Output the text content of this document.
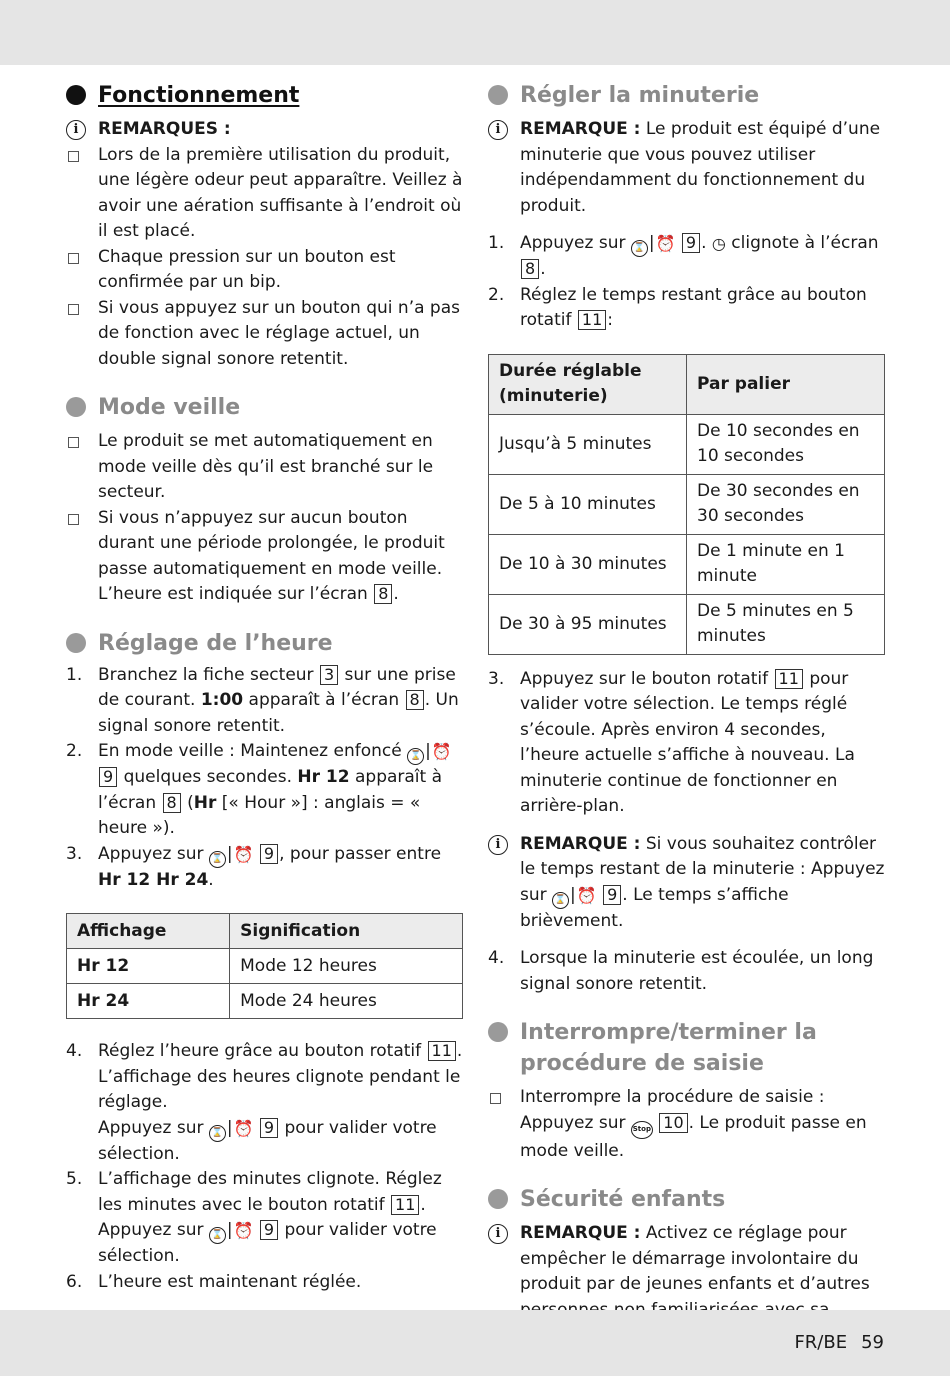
Fonctionnement
i	REMARQUES :
Lors de la première utilisation du produit, une légère odeur peut apparaître. Veillez à avoir une aération suffisante à l’endroit où il est placé.
Chaque pression sur un bouton est confirmée par un bip.
Si vous appuyez sur un bouton qui n’a pas de fonction avec le réglage actuel, un double signal sonore retentit.
Mode veille
Le produit se met automatiquement en mode veille dès qu’il est branché sur le secteur.
Si vous n’appuyez sur aucun bouton durant une période prolongée, le produit passe automatiquement en mode veille. L’heure est indiquée sur l’écran 8 .
Réglage de l’heure
1. Branchez la fiche secteur 3 sur une prise de courant. 1:00 apparaît à l’écran 8 . Un signal sonore retentit.
2. En mode veille : Maintenez enfoncé ⌛ |⏰ 9 quelques secondes. Hr 12 apparaît à l’écran 8 (Hr [« Hour »] : anglais = « heure »).
3. Appuyez sur ⌛ |⏰ 9 , pour passer entre Hr 12 Hr 24.
Affichage	Signification
Hr 12	Mode 12 heures
Hr 24	Mode 24 heures
4. Réglez l’heure grâce au bouton rotatif 11 . L’affichage des heures clignote pendant le réglage.
Appuyez sur ⌛ |⏰ 9 pour valider votre sélection.
5. L’affichage des minutes clignote. Réglez les minutes avec le bouton rotatif 11 .
Appuyez sur ⌛ |⏰ 9 pour valider votre sélection.
6. L’heure est maintenant réglée.
Régler la minuterie
i	REMARQUE : Le produit est équipé d’une minuterie que vous pouvez utiliser indépendamment du fonctionnement du produit.
1. Appuyez sur ⌛ |⏰ 9 . ◷ clignote à l’écran 8 .
2. Réglez le temps restant grâce au bouton rotatif 11 :
Durée réglable (minuterie)	Par palier
Jusqu’à 5 minutes	De 10 secondes en 10 secondes
De 5 à 10 minutes	De 30 secondes en 30 secondes
De 10 à 30 minutes	De 1 minute en 1 minute
De 30 à 95 minutes	De 5 minutes en 5 minutes
3. Appuyez sur le bouton rotatif 11 pour valider votre sélection. Le temps réglé s’écoule. Après environ 4 secondes, l’heure actuelle s’affiche à nouveau. La minuterie continue de fonctionner en arrière-plan.
i	REMARQUE : Si vous souhaitez contrôler le temps restant de la minuterie : Appuyez sur ⌛ |⏰ 9 . Le temps s’affiche brièvement.
4. Lorsque la minuterie est écoulée, un long signal sonore retentit.
Interrompre/terminer la procédure de saisie
Interrompre la procédure de saisie : Appuyez sur Stop 10 . Le produit passe en mode veille.
Sécurité enfants
i	REMARQUE : Activez ce réglage pour empêcher le démarrage involontaire du produit par de jeunes enfants et d’autres
FR/BE 59
